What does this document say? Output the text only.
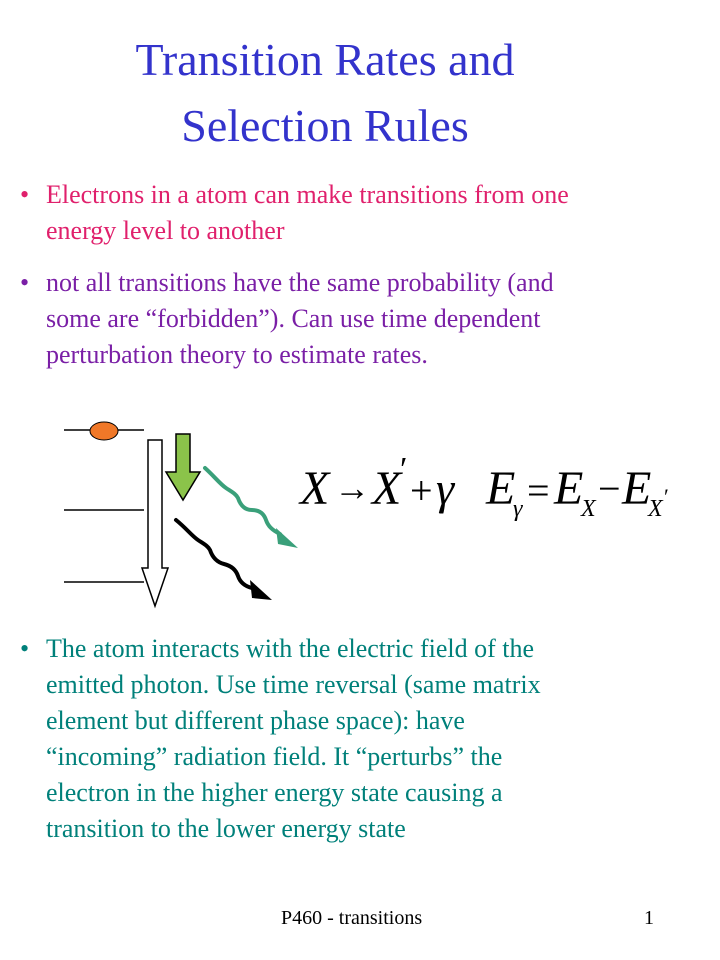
Transition Rates and
Selection Rules
• Electrons in a atom can make transitions from one
energy level to another
• not all transitions have the same probability (and
some are “forbidden”). Can use time dependent
perturbation theory to estimate rates.
X → X
′ + γ E
γ = E
X − E
X ′
• The atom interacts with the electric field of the
emitted photon. Use time reversal (same matrix
element but different phase space): have
“incoming” radiation field. It “perturbs” the
electron in the higher energy state causing a
transition to the lower energy state
P460 - transitions	1
